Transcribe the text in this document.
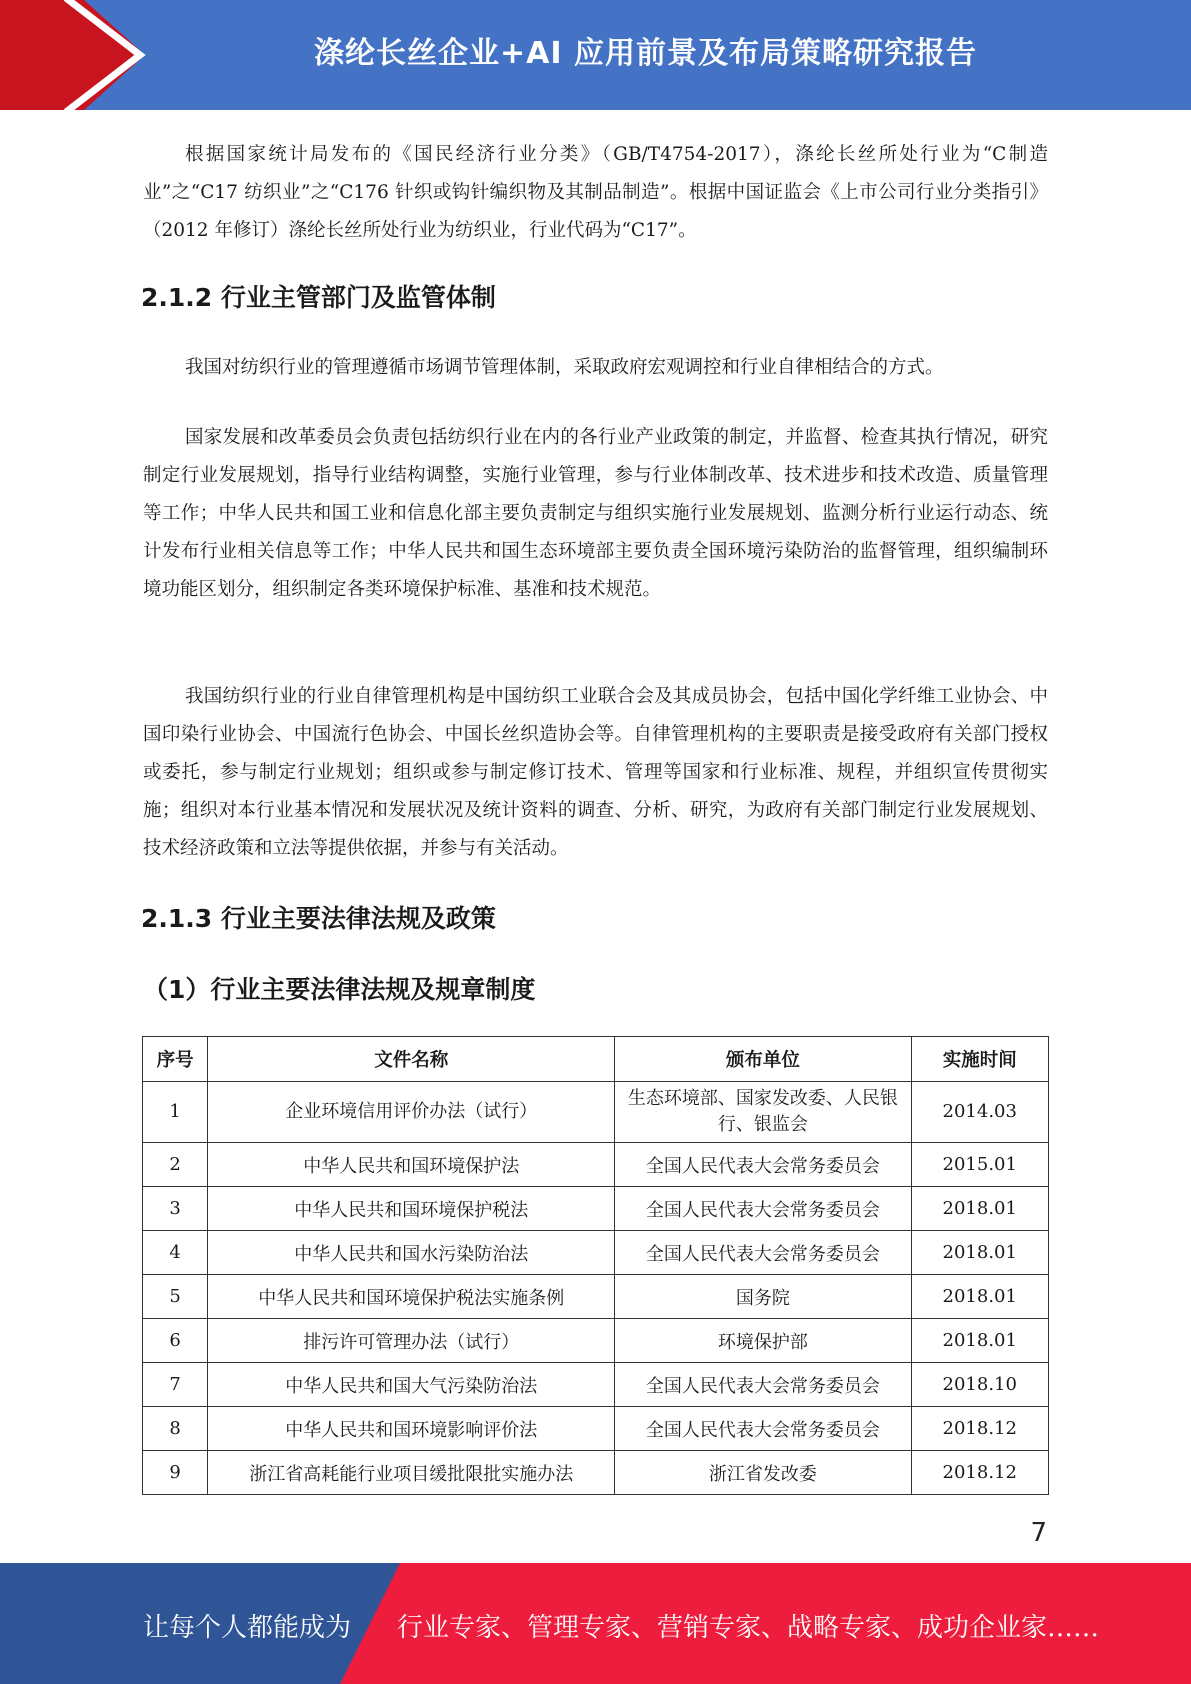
涤纶长丝企业+AI 应用前景及布局策略研究报告

根据国家统计局发布的《国民经济行业分类》（GB/T4754-2017），涤纶长丝所处行业为“C制造业”之“C17 纺织业”之“C176 针织或钩针编织物及其制品制造”。根据中国证监会《上市公司行业分类指引》（2012 年修订）涤纶长丝所处行业为纺织业，行业代码为“C17”。

2.1.2 行业主管部门及监管体制

我国对纺织行业的管理遵循市场调节管理体制，采取政府宏观调控和行业自律相结合的方式。

国家发展和改革委员会负责包括纺织行业在内的各行业产业政策的制定，并监督、检查其执行情况，研究制定行业发展规划，指导行业结构调整，实施行业管理，参与行业体制改革、技术进步和技术改造、质量管理等工作；中华人民共和国工业和信息化部主要负责制定与组织实施行业发展规划、监测分析行业运行动态、统计发布行业相关信息等工作；中华人民共和国生态环境部主要负责全国环境污染防治的监督管理，组织编制环境功能区划分，组织制定各类环境保护标准、基准和技术规范。

我国纺织行业的行业自律管理机构是中国纺织工业联合会及其成员协会，包括中国化学纤维工业协会、中国印染行业协会、中国流行色协会、中国长丝织造协会等。自律管理机构的主要职责是接受政府有关部门授权或委托，参与制定行业规划；组织或参与制定修订技术、管理等国家和行业标准、规程，并组织宣传贯彻实施；组织对本行业基本情况和发展状况及统计资料的调查、分析、研究，为政府有关部门制定行业发展规划、技术经济政策和立法等提供依据，并参与有关活动。

2.1.3 行业主要法律法规及政策
（1）行业主要法律法规及规章制度
序号	文件名称	颁布单位	实施时间
1	企业环境信用评价办法（试行）	生态环境部、国家发改委、人民银行、银监会	2014.03
2	中华人民共和国环境保护法	全国人民代表大会常务委员会	2015.01
3	中华人民共和国环境保护税法	全国人民代表大会常务委员会	2018.01
4	中华人民共和国水污染防治法	全国人民代表大会常务委员会	2018.01
5	中华人民共和国环境保护税法实施条例	国务院	2018.01
6	排污许可管理办法（试行）	环境保护部	2018.01
7	中华人民共和国大气污染防治法	全国人民代表大会常务委员会	2018.10
8	中华人民共和国环境影响评价法	全国人民代表大会常务委员会	2018.12
9	浙江省高耗能行业项目缓批限批实施办法	浙江省发改委	2018.12
7
让每个人都能成为 行业专家、管理专家、营销专家、战略专家、成功企业家……
